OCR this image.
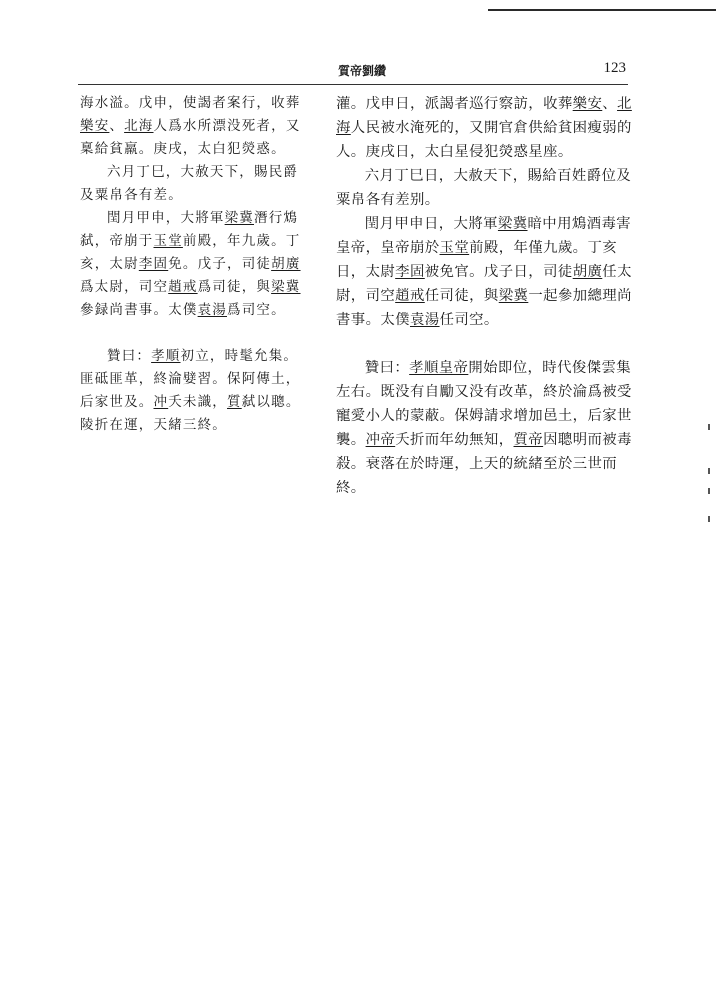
質帝劉纘	123

海水溢。戊申，使謁者案行，收葬樂安、北海人爲水所漂没死者，又稟給貧羸。庚戌，太白犯熒惑。

六月丁巳，大赦天下，賜民爵及粟帛各有差。

閏月甲申，大將軍梁冀潛行鴆弑，帝崩于玉堂前殿，年九歲。丁亥，太尉李固免。戊子，司徒胡廣爲太尉，司空趙戒爲司徒，與梁冀參録尚書事。太僕袁湯爲司空。

贊曰：孝順初立，時髦允集。匪砥匪革，終淪嬖習。保阿傳土，后家世及。冲夭未識，質弑以聰。陵折在運，天緒三終。

灌。戊申日，派謁者巡行察訪，收葬樂安、北海人民被水淹死的，又開官倉供給貧困瘦弱的人。庚戌日，太白星侵犯熒惑星座。

六月丁巳日，大赦天下，賜給百姓爵位及粟帛各有差别。

閏月甲申日，大將軍梁冀暗中用鴆酒毒害皇帝，皇帝崩於玉堂前殿，年僅九歲。丁亥日，太尉李固被免官。戊子日，司徒胡廣任太尉，司空趙戒任司徒，與梁冀一起參加總理尚書事。太僕袁湯任司空。

贊曰：孝順皇帝開始即位，時代俊傑雲集左右。既没有自勵又没有改革，終於淪爲被受寵愛小人的蒙蔽。保姆請求增加邑土，后家世襲。冲帝夭折而年幼無知，質帝因聰明而被毒殺。衰落在於時運，上天的統緒至於三世而終。
